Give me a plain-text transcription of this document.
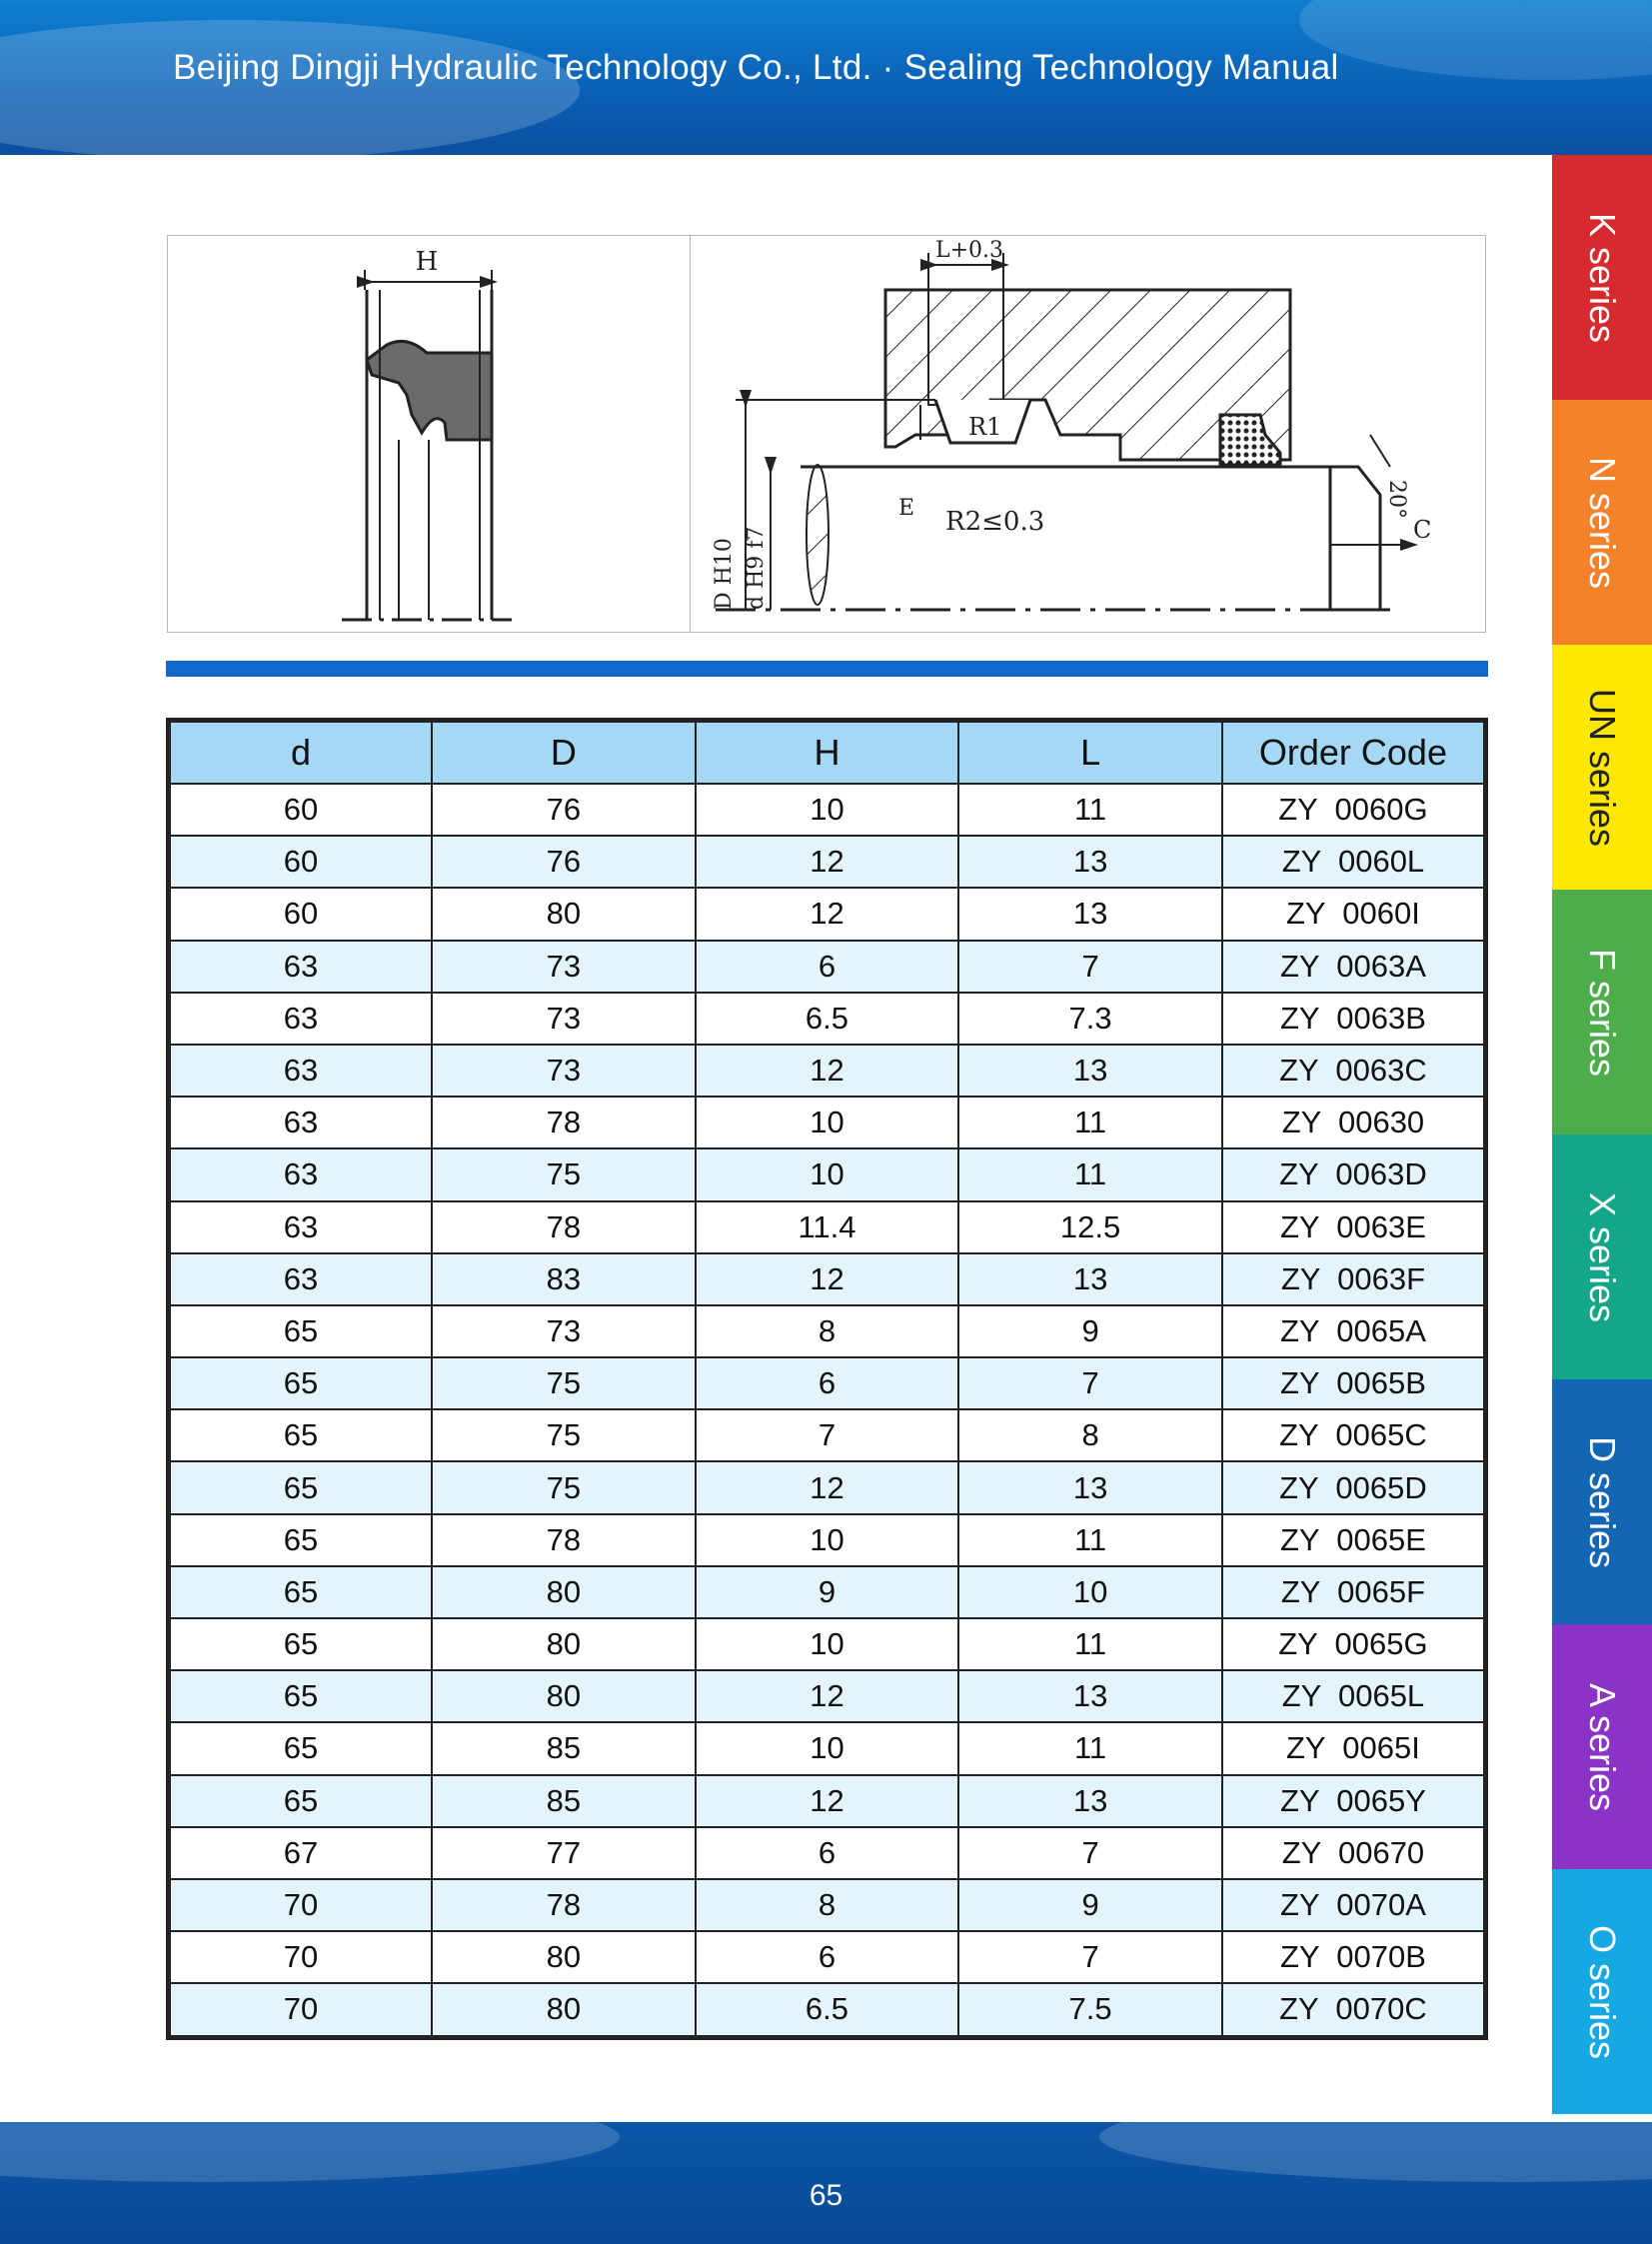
Beijing Dingji Hydraulic Technology Co., Ltd. · Sealing Technology Manual
K series
N series
UN series
F series
X series
D series
A series
O series
H
R1
20°
C
L+0.3
E R2≤0.3
D H10 d H9 f7
d	D	H	L	Order Code
60	76	10	11	ZY  0060G
60	76	12	13	ZY  0060L
60	80	12	13	ZY  0060I
63	73	6	7	ZY  0063A
63	73	6.5	7.3	ZY  0063B
63	73	12	13	ZY  0063C
63	78	10	11	ZY  00630
63	75	10	11	ZY  0063D
63	78	11.4	12.5	ZY  0063E
63	83	12	13	ZY  0063F
65	73	8	9	ZY  0065A
65	75	6	7	ZY  0065B
65	75	7	8	ZY  0065C
65	75	12	13	ZY  0065D
65	78	10	11	ZY  0065E
65	80	9	10	ZY  0065F
65	80	10	11	ZY  0065G
65	80	12	13	ZY  0065L
65	85	10	11	ZY  0065I
65	85	12	13	ZY  0065Y
67	77	6	7	ZY  00670
70	78	8	9	ZY  0070A
70	80	6	7	ZY  0070B
70	80	6.5	7.5	ZY  0070C
65
